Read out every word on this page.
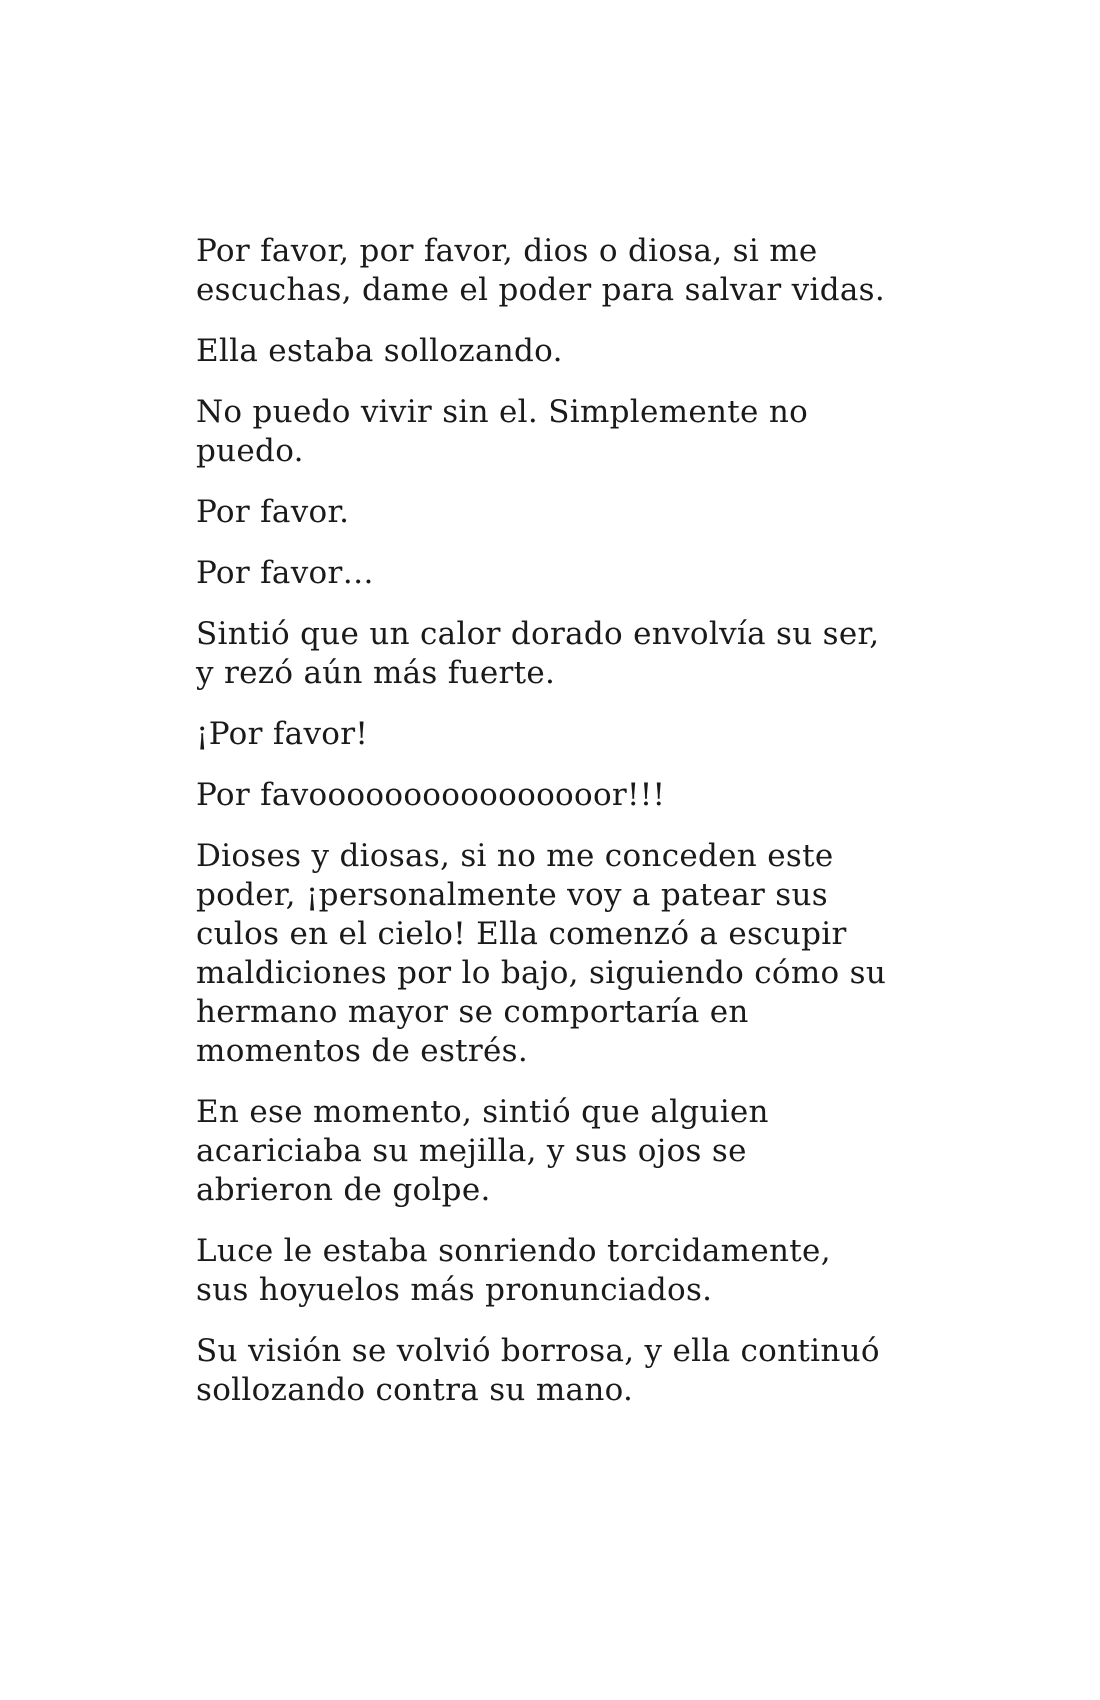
Por favor, por favor, dios o diosa, si me
escuchas, dame el poder para salvar vidas.

Ella estaba sollozando.

No puedo vivir sin el. Simplemente no
puedo.

Por favor.

Por favor…

Sintió que un calor dorado envolvía su ser,
y rezó aún más fuerte.

¡Por favor!

Por favoooooooooooooooor!!!

Dioses y diosas, si no me conceden este
poder, ¡personalmente voy a patear sus
culos en el cielo! Ella comenzó a escupir
maldiciones por lo bajo, siguiendo cómo su
hermano mayor se comportaría en
momentos de estrés.

En ese momento, sintió que alguien
acariciaba su mejilla, y sus ojos se
abrieron de golpe.

Luce le estaba sonriendo torcidamente,
sus hoyuelos más pronunciados.

Su visión se volvió borrosa, y ella continuó
sollozando contra su mano.
